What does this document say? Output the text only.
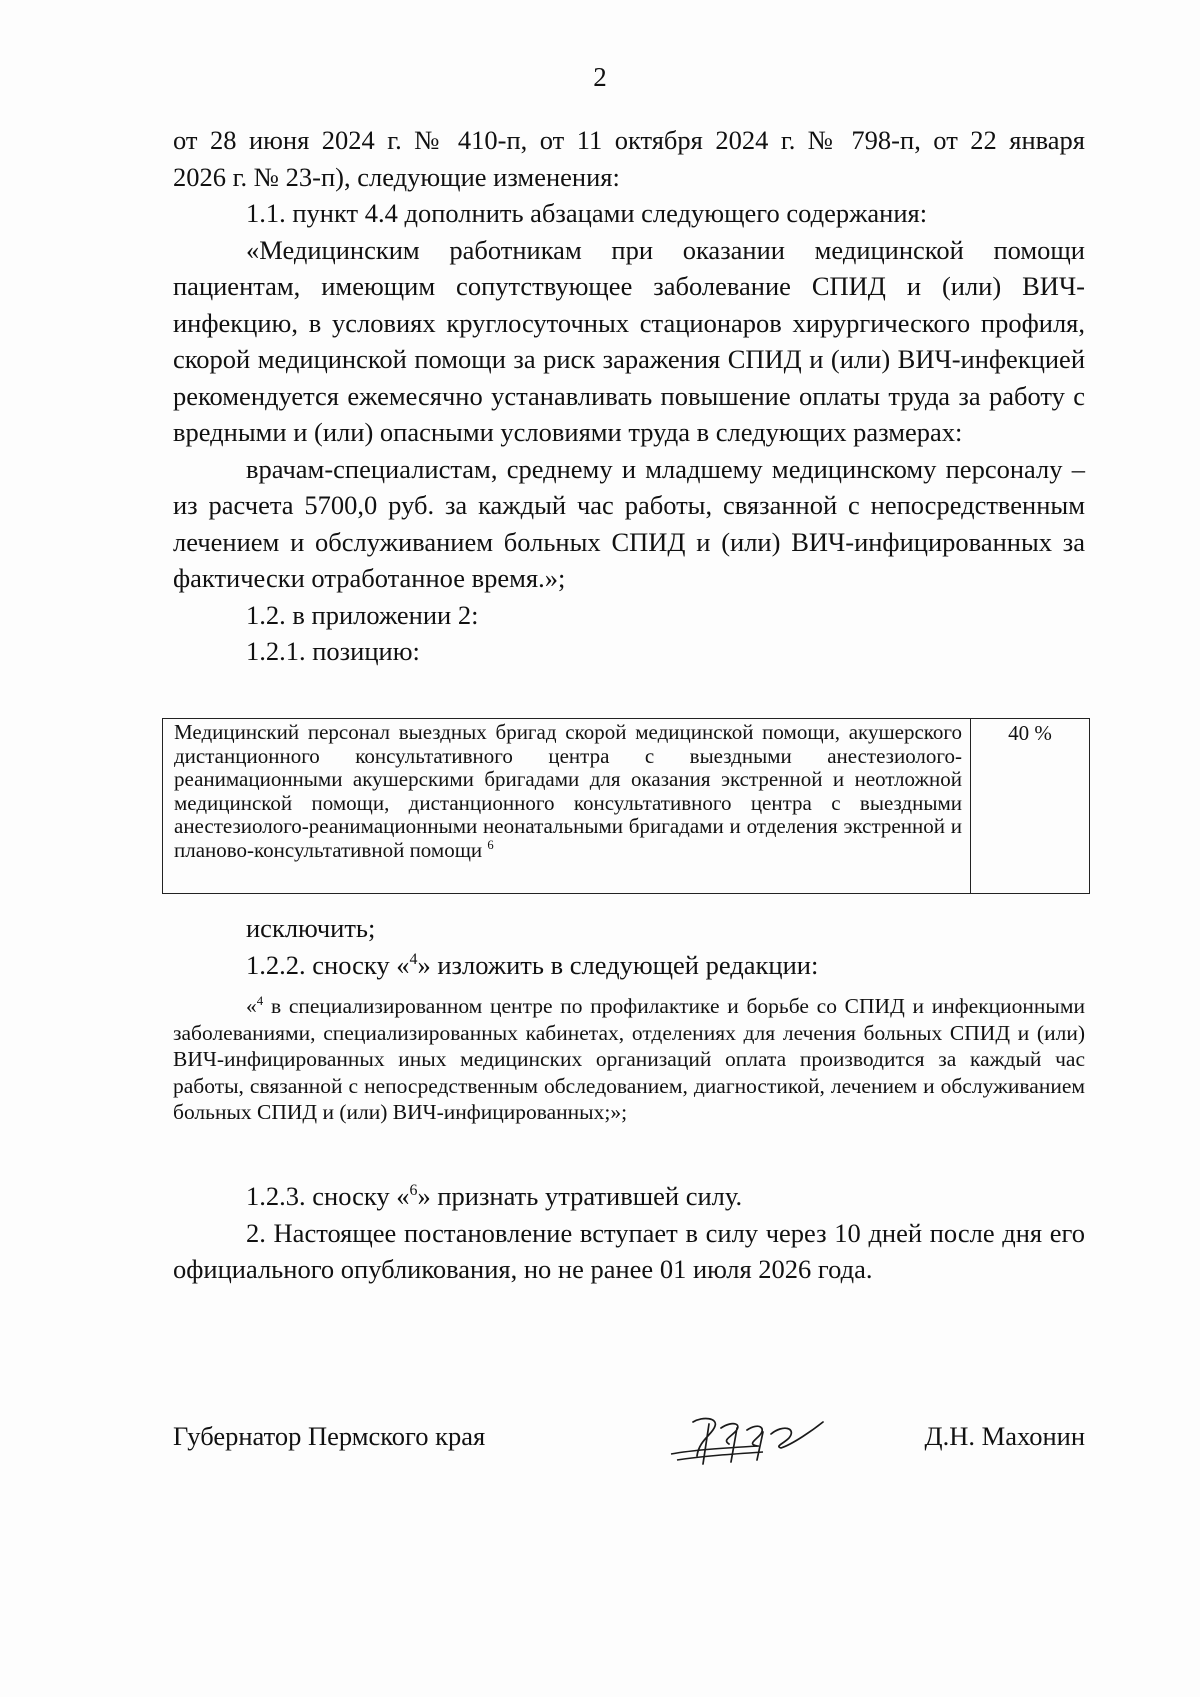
2

от 28 июня 2024 г. № 410-п, от 11 октября 2024 г. № 798-п, от 22 января

2026 г. № 23-п), следующие изменения:

1.1. пункт 4.4 дополнить абзацами следующего содержания:

«Медицинским работникам при оказании медицинской помощи пациентам, имеющим сопутствующее заболевание СПИД и (или) ВИЧ-инфекцию, в условиях круглосуточных стационаров хирургического профиля, скорой медицинской помощи за риск заражения СПИД и (или) ВИЧ-инфекцией рекомендуется ежемесячно устанавливать повышение оплаты труда за работу с вредными и (или) опасными условиями труда в следующих размерах:

врачам-специалистам, среднему и младшему медицинскому персоналу – из расчета 5700,0 руб. за каждый час работы, связанной с непосредственным лечением и обслуживанием больных СПИД и (или) ВИЧ-инфицированных за фактически отработанное время.»;

1.2. в приложении 2:

1.2.1. позицию:

Медицинский персонал выездных бригад скорой медицинской помощи, акушерского дистанционного консультативного центра с выездными анестезиолого-реанимационными акушерскими бригадами для оказания экстренной и неотложной медицинской помощи, дистанционного консультативного центра с выездными анестезиолого-реанимационными неонатальными бригадами и отделения экстренной и планово-консультативной помощи $^6$
40 %

исключить;

1.2.2. сноску «$^4$» изложить в следующей редакции:

«$^4$ в специализированном центре по профилактике и борьбе со СПИД и инфекционными заболеваниями, специализированных кабинетах, отделениях для лечения больных СПИД и (или) ВИЧ-инфицированных иных медицинских организаций оплата производится за каждый час работы, связанной с непосредственным обследованием, диагностикой, лечением и обслуживанием больных СПИД и (или) ВИЧ-инфицированных;»;

1.2.3. сноску «$^6$» признать утратившей силу.

2. Настоящее постановление вступает в силу через 10 дней после дня его официального опубликования, но не ранее 01 июля 2026 года.

Губернатор Пермского края	Д.Н. Махонин
